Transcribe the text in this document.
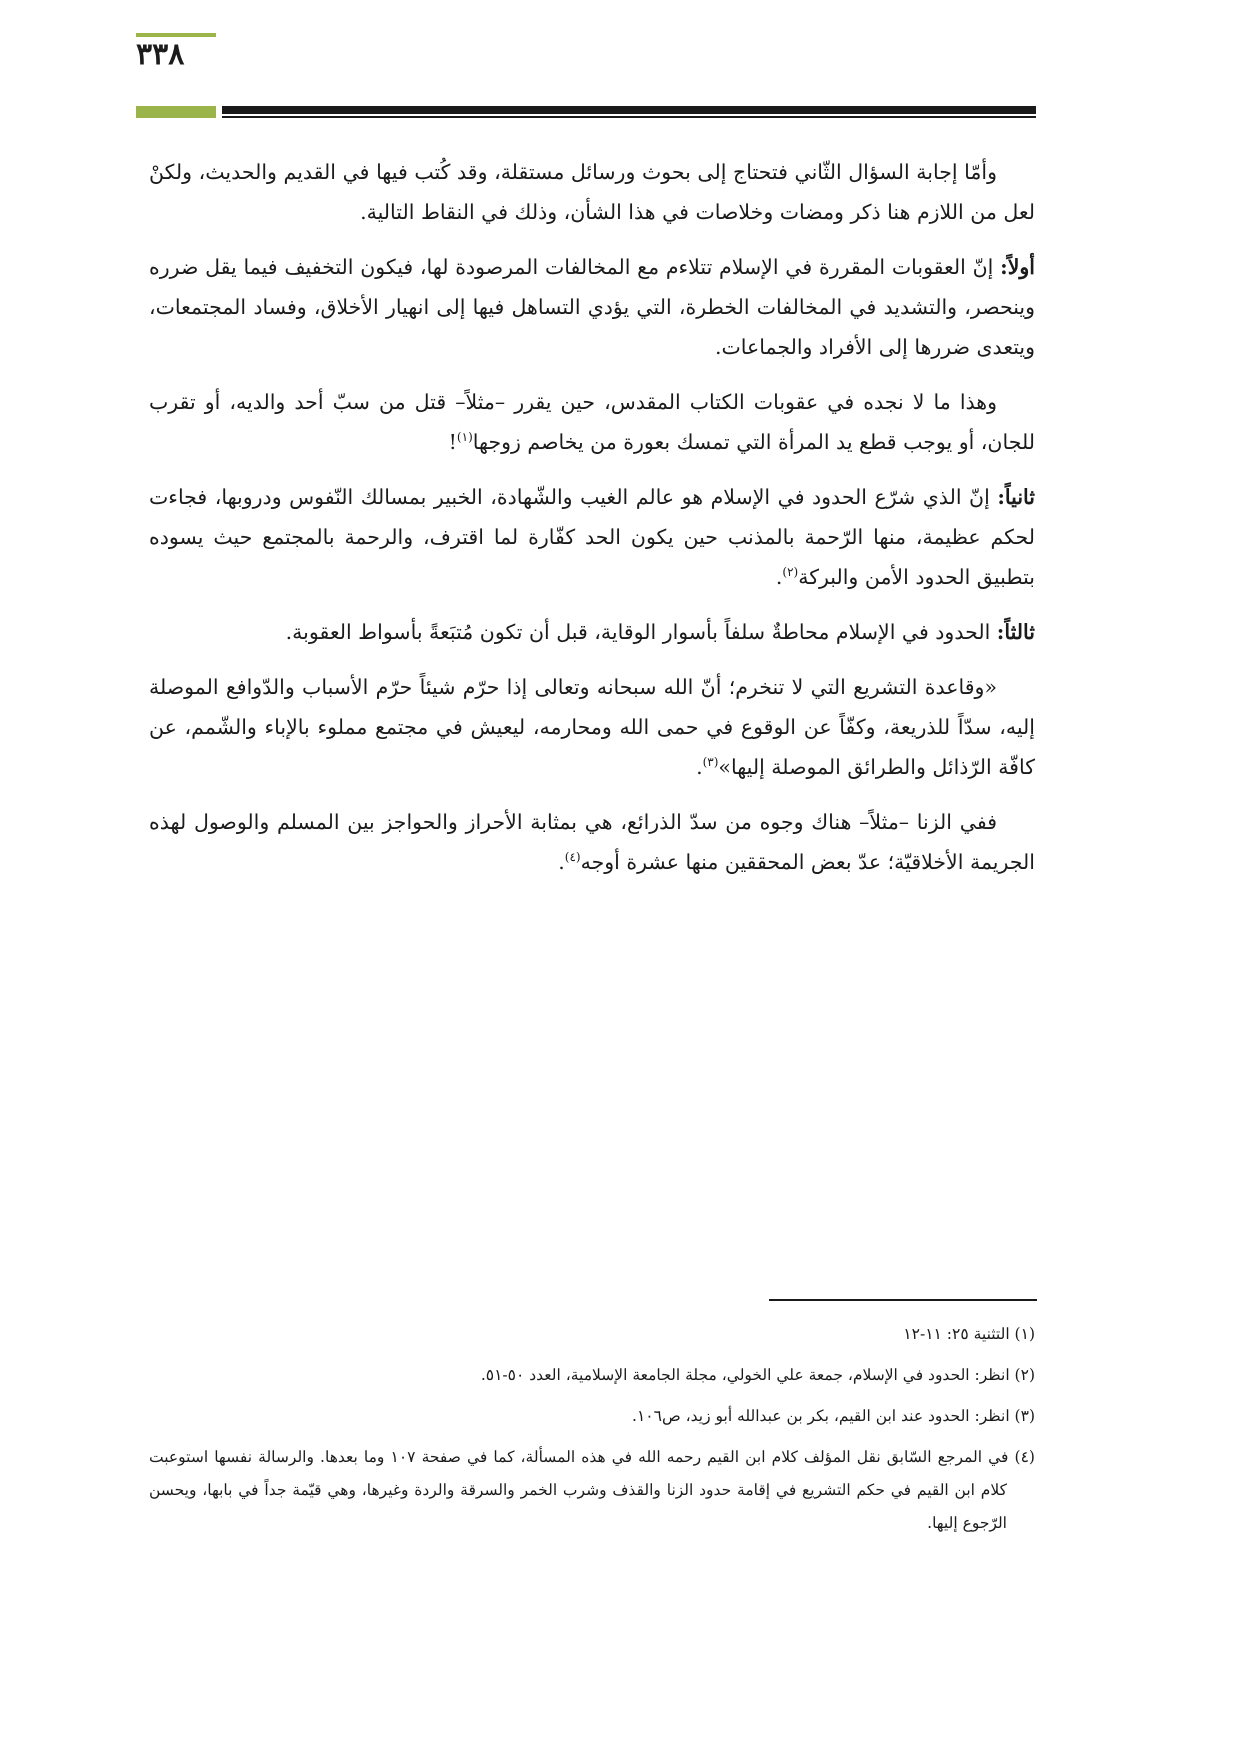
٣٣٨

وأمّا إجابة السؤال الثّاني فتحتاج إلى بحوث ورسائل مستقلة، وقد كُتب فيها في القديم والحديث، ولكنْ لعل من اللازم هنا ذكر ومضات وخلاصات في هذا الشأن، وذلك في النقاط التالية.

أولاً: إنّ العقوبات المقررة في الإسلام تتلاءم مع المخالفات المرصودة لها، فيكون التخفيف فيما يقل ضرره وينحصر، والتشديد في المخالفات الخطرة، التي يؤدي التساهل فيها إلى انهيار الأخلاق، وفساد المجتمعات، ويتعدى ضررها إلى الأفراد والجماعات.

وهذا ما لا نجده في عقوبات الكتاب المقدس، حين يقرر –مثلاً– قتل من سبّ أحد والديه، أو تقرب للجان، أو يوجب قطع يد المرأة التي تمسك بعورة من يخاصم زوجها$^{(١)}$!

ثانياً: إنّ الذي شرّع الحدود في الإسلام هو عالم الغيب والشّهادة، الخبير بمسالك النّفوس ودروبها، فجاءت لحكم عظيمة، منها الرّحمة بالمذنب حين يكون الحد كفّارة لما اقترف، والرحمة بالمجتمع حيث يسوده بتطبيق الحدود الأمن والبركة$^{(٢)}$.

ثالثاً: الحدود في الإسلام محاطةٌ سلفاً بأسوار الوقاية، قبل أن تكون مُتبَعةً بأسواط العقوبة.

«وقاعدة التشريع التي لا تنخرم؛ أنّ الله سبحانه وتعالى إذا حرّم شيئاً حرّم الأسباب والدّوافع الموصلة إليه، سدّاً للذريعة، وكفّاً عن الوقوع في حمى الله ومحارمه، ليعيش في مجتمع مملوء بالإباء والشّمم، عن كافّة الرّذائل والطرائق الموصلة إليها»$^{(٣)}$.

ففي الزنا –مثلاً– هناك وجوه من سدّ الذرائع، هي بمثابة الأحراز والحواجز بين المسلم والوصول لهذه الجريمة الأخلاقيّة؛ عدّ بعض المحققين منها عشرة أوجه$^{(٤)}$.

(١) التثنية ٢٥: ١١-١٢

(٢) انظر: الحدود في الإسلام، جمعة علي الخولي، مجلة الجامعة الإسلامية، العدد ٥٠-٥١.

(٣) انظر: الحدود عند ابن القيم، بكر بن عبدالله أبو زيد، ص١٠٦.

(٤) في المرجع السّابق نقل المؤلف كلام ابن القيم رحمه الله في هذه المسألة، كما في صفحة ١٠٧ وما بعدها. والرسالة نفسها استوعبت كلام ابن القيم في حكم التشريع في إقامة حدود الزنا والقذف وشرب الخمر والسرقة والردة وغيرها، وهي قيّمة جداً في بابها، ويحسن الرّجوع إليها.
